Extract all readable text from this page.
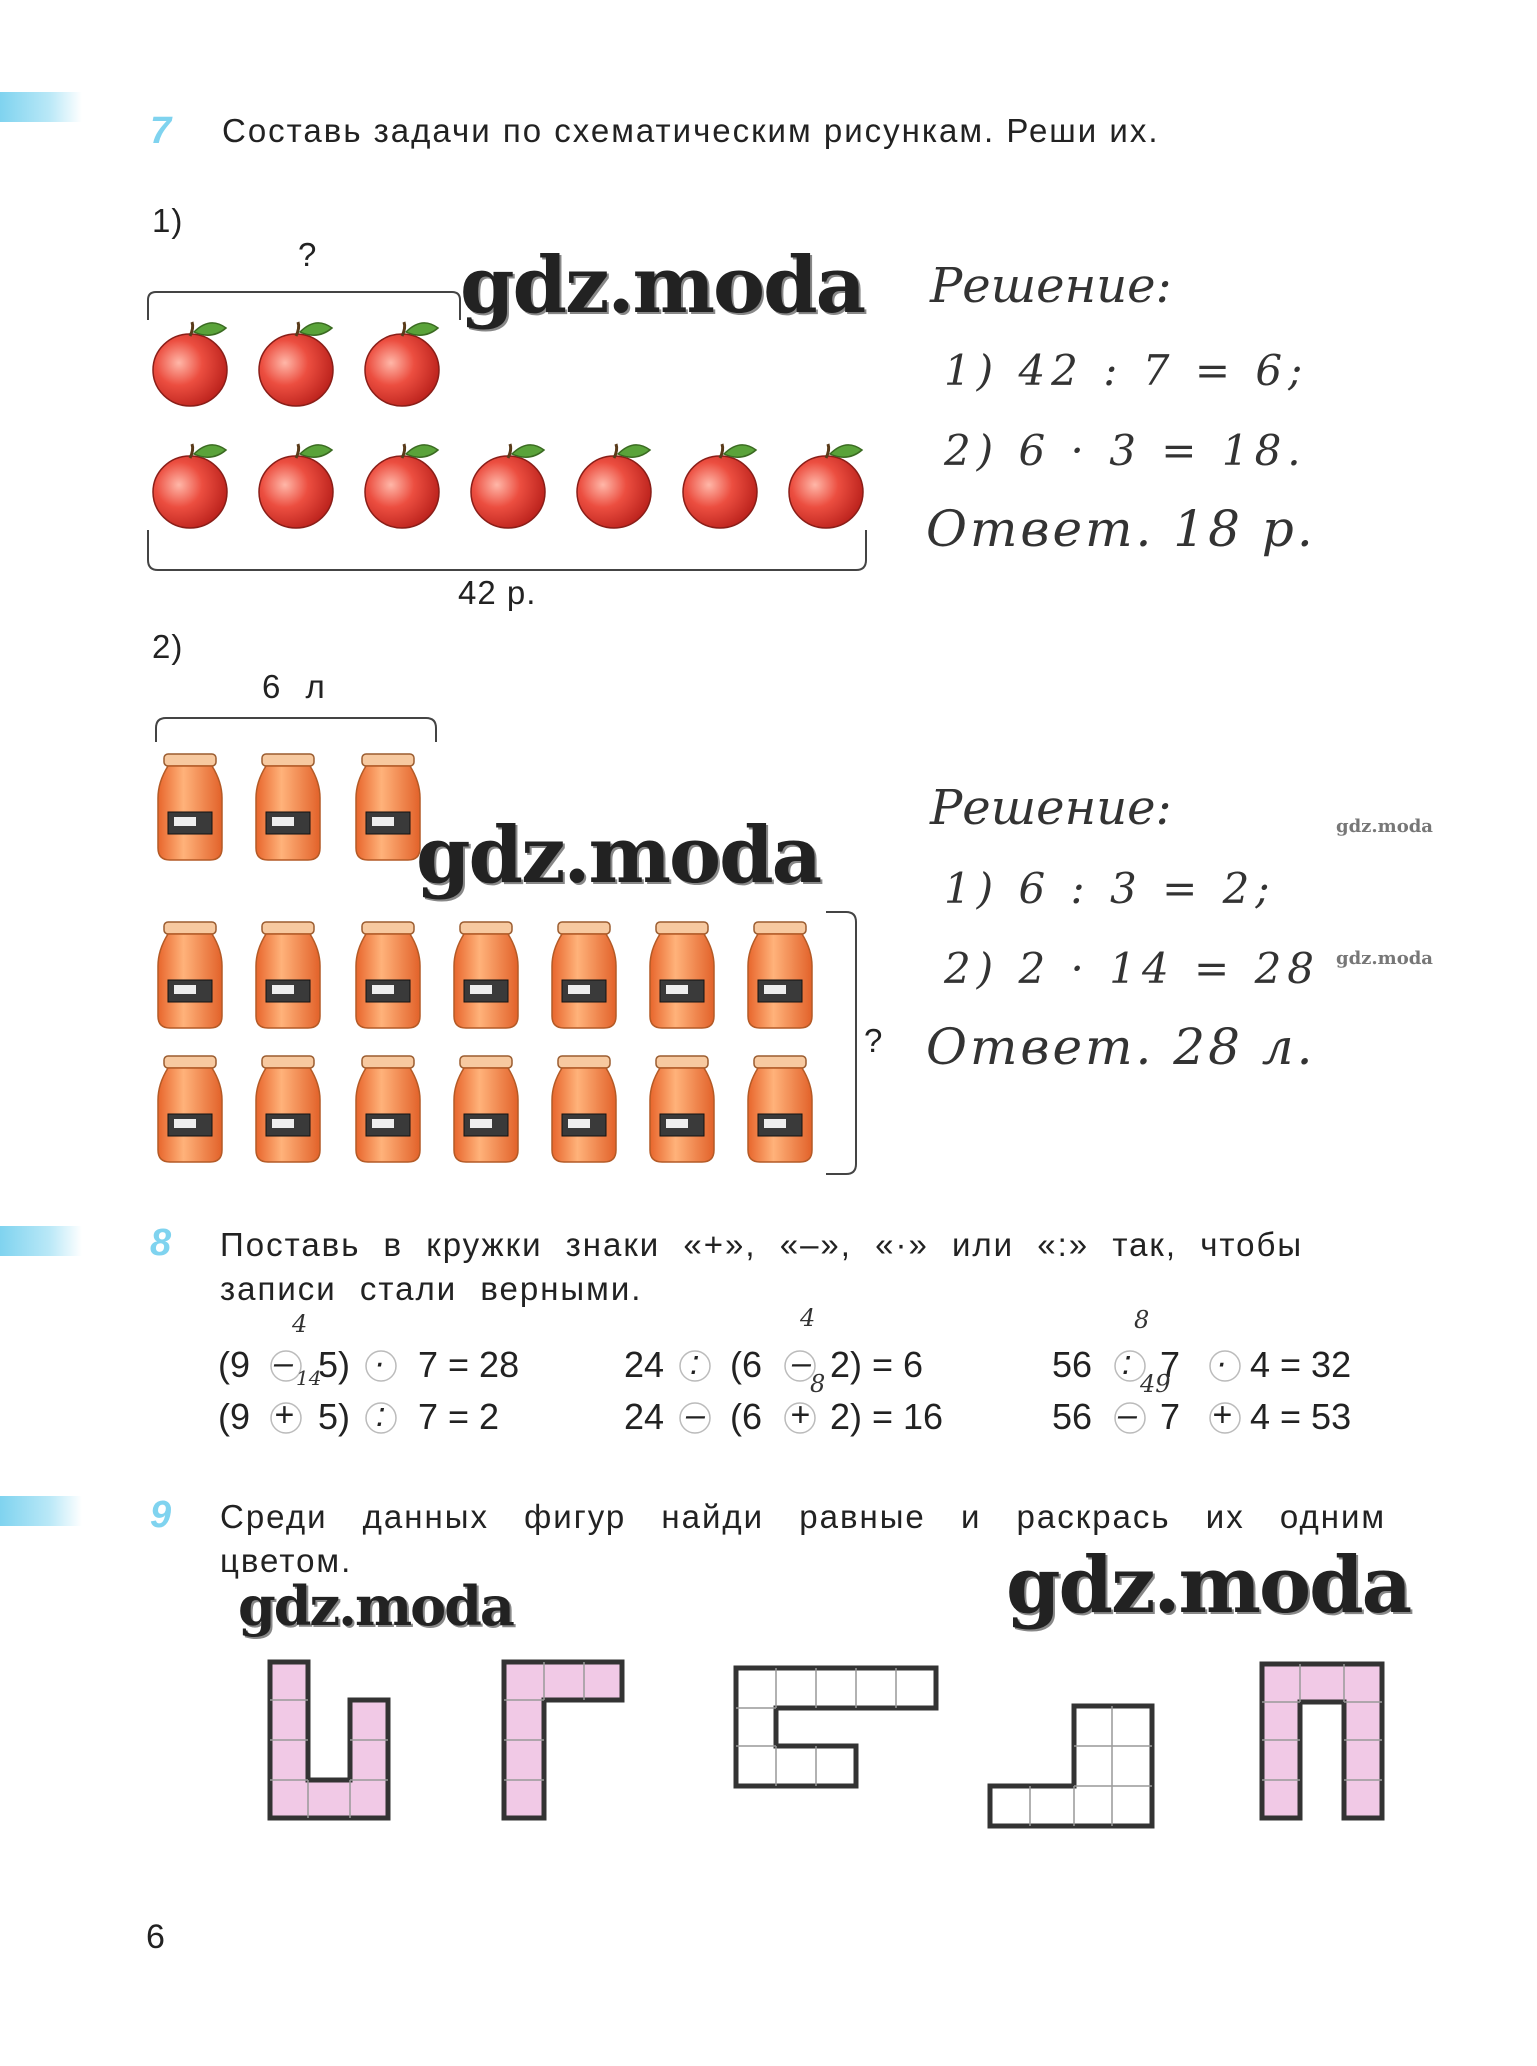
7 Составь задачи по схематическим рисункам. Реши их.
1)
?
42 р.
2)
6 л
?
Решение:
1) 42 : 7 = 6;
2) 6 · 3 = 18.
Ответ. 18 р.
Решение:
1) 6 : 3 = 2;
2) 2 · 14 = 28
Ответ. 28 л.
8 Поставь в кружки знаки «+», «–», «·» или «:» так, чтобы
записи стали верными.
(9 – 5) · 7 = 28
4
(9 + 5) : 7 = 2
14	24 : (6 – 2) = 6
4
24 – (6 + 2) = 16
8	56 : 7 · 4 = 32
8
56 – 7 + 4 = 53
49
9 Среди данных фигур найди равные и раскрась их одним
цветом.
gdz.moda
gdz.moda
gdz.moda	gdz.moda
gdz.moda
gdz.moda
6
